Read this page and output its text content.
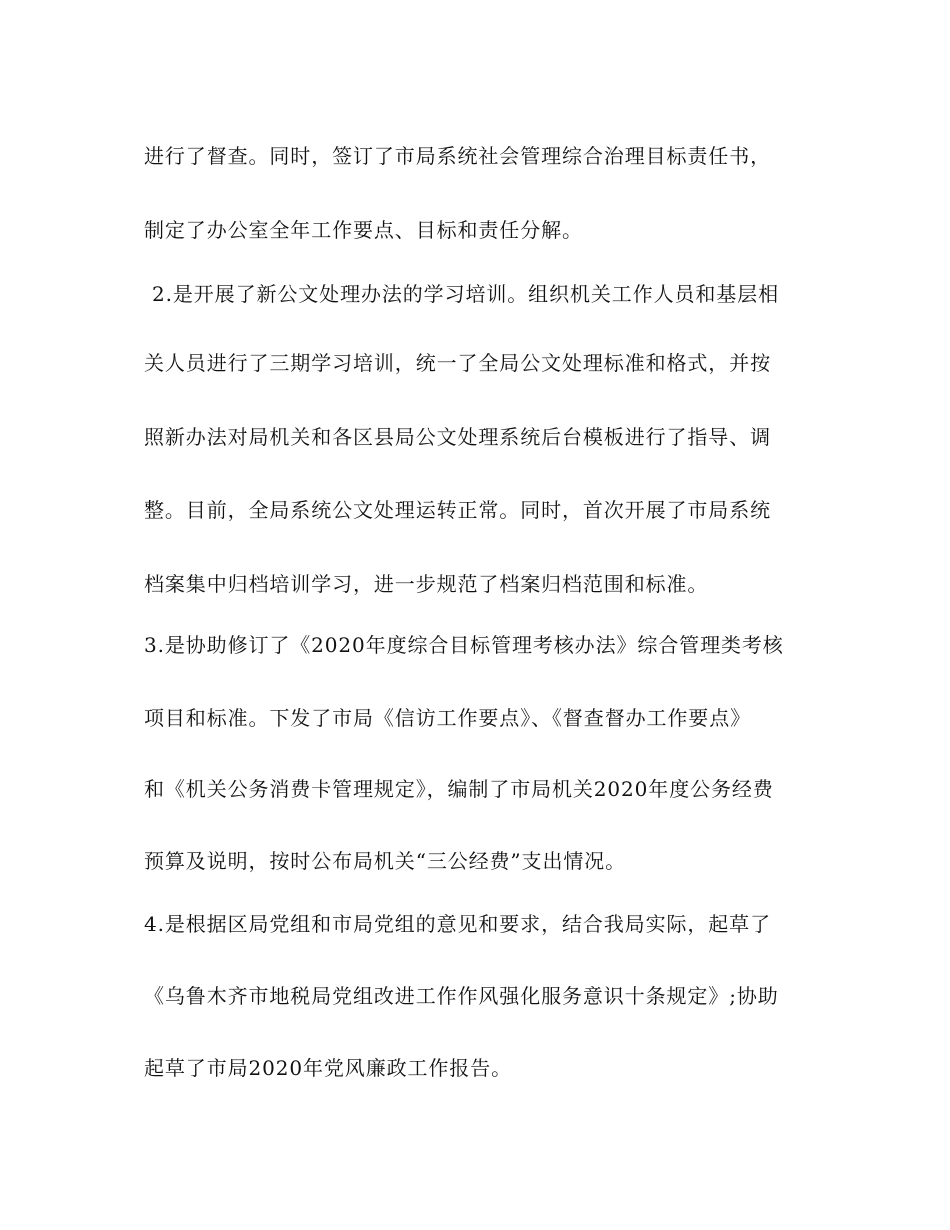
进行了督查。同时，签订了市局系统社会管理综合治理目标责任书，

制定了办公室全年工作要点、目标和责任分解。

2.是开展了新公文处理办法的学习培训。组织机关工作人员和基层相

关人员进行了三期学习培训，统一了全局公文处理标准和格式，并按

照新办法对局机关和各区县局公文处理系统后台模板进行了指导、调

整。目前，全局系统公文处理运转正常。同时，首次开展了市局系统

档案集中归档培训学习，进一步规范了档案归档范围和标准。

3.是协助修订了《2020年度综合目标管理考核办法》综合管理类考核

项目和标准。下发了市局《信访工作要点》、《督查督办工作要点》

和《机关公务消费卡管理规定》，编制了市局机关2020年度公务经费

预算及说明，按时公布局机关“三公经费”支出情况。

4.是根据区局党组和市局党组的意见和要求，结合我局实际，起草了

《乌鲁木齐市地税局党组改进工作作风强化服务意识十条规定》;协助

起草了市局2020年党风廉政工作报告。
